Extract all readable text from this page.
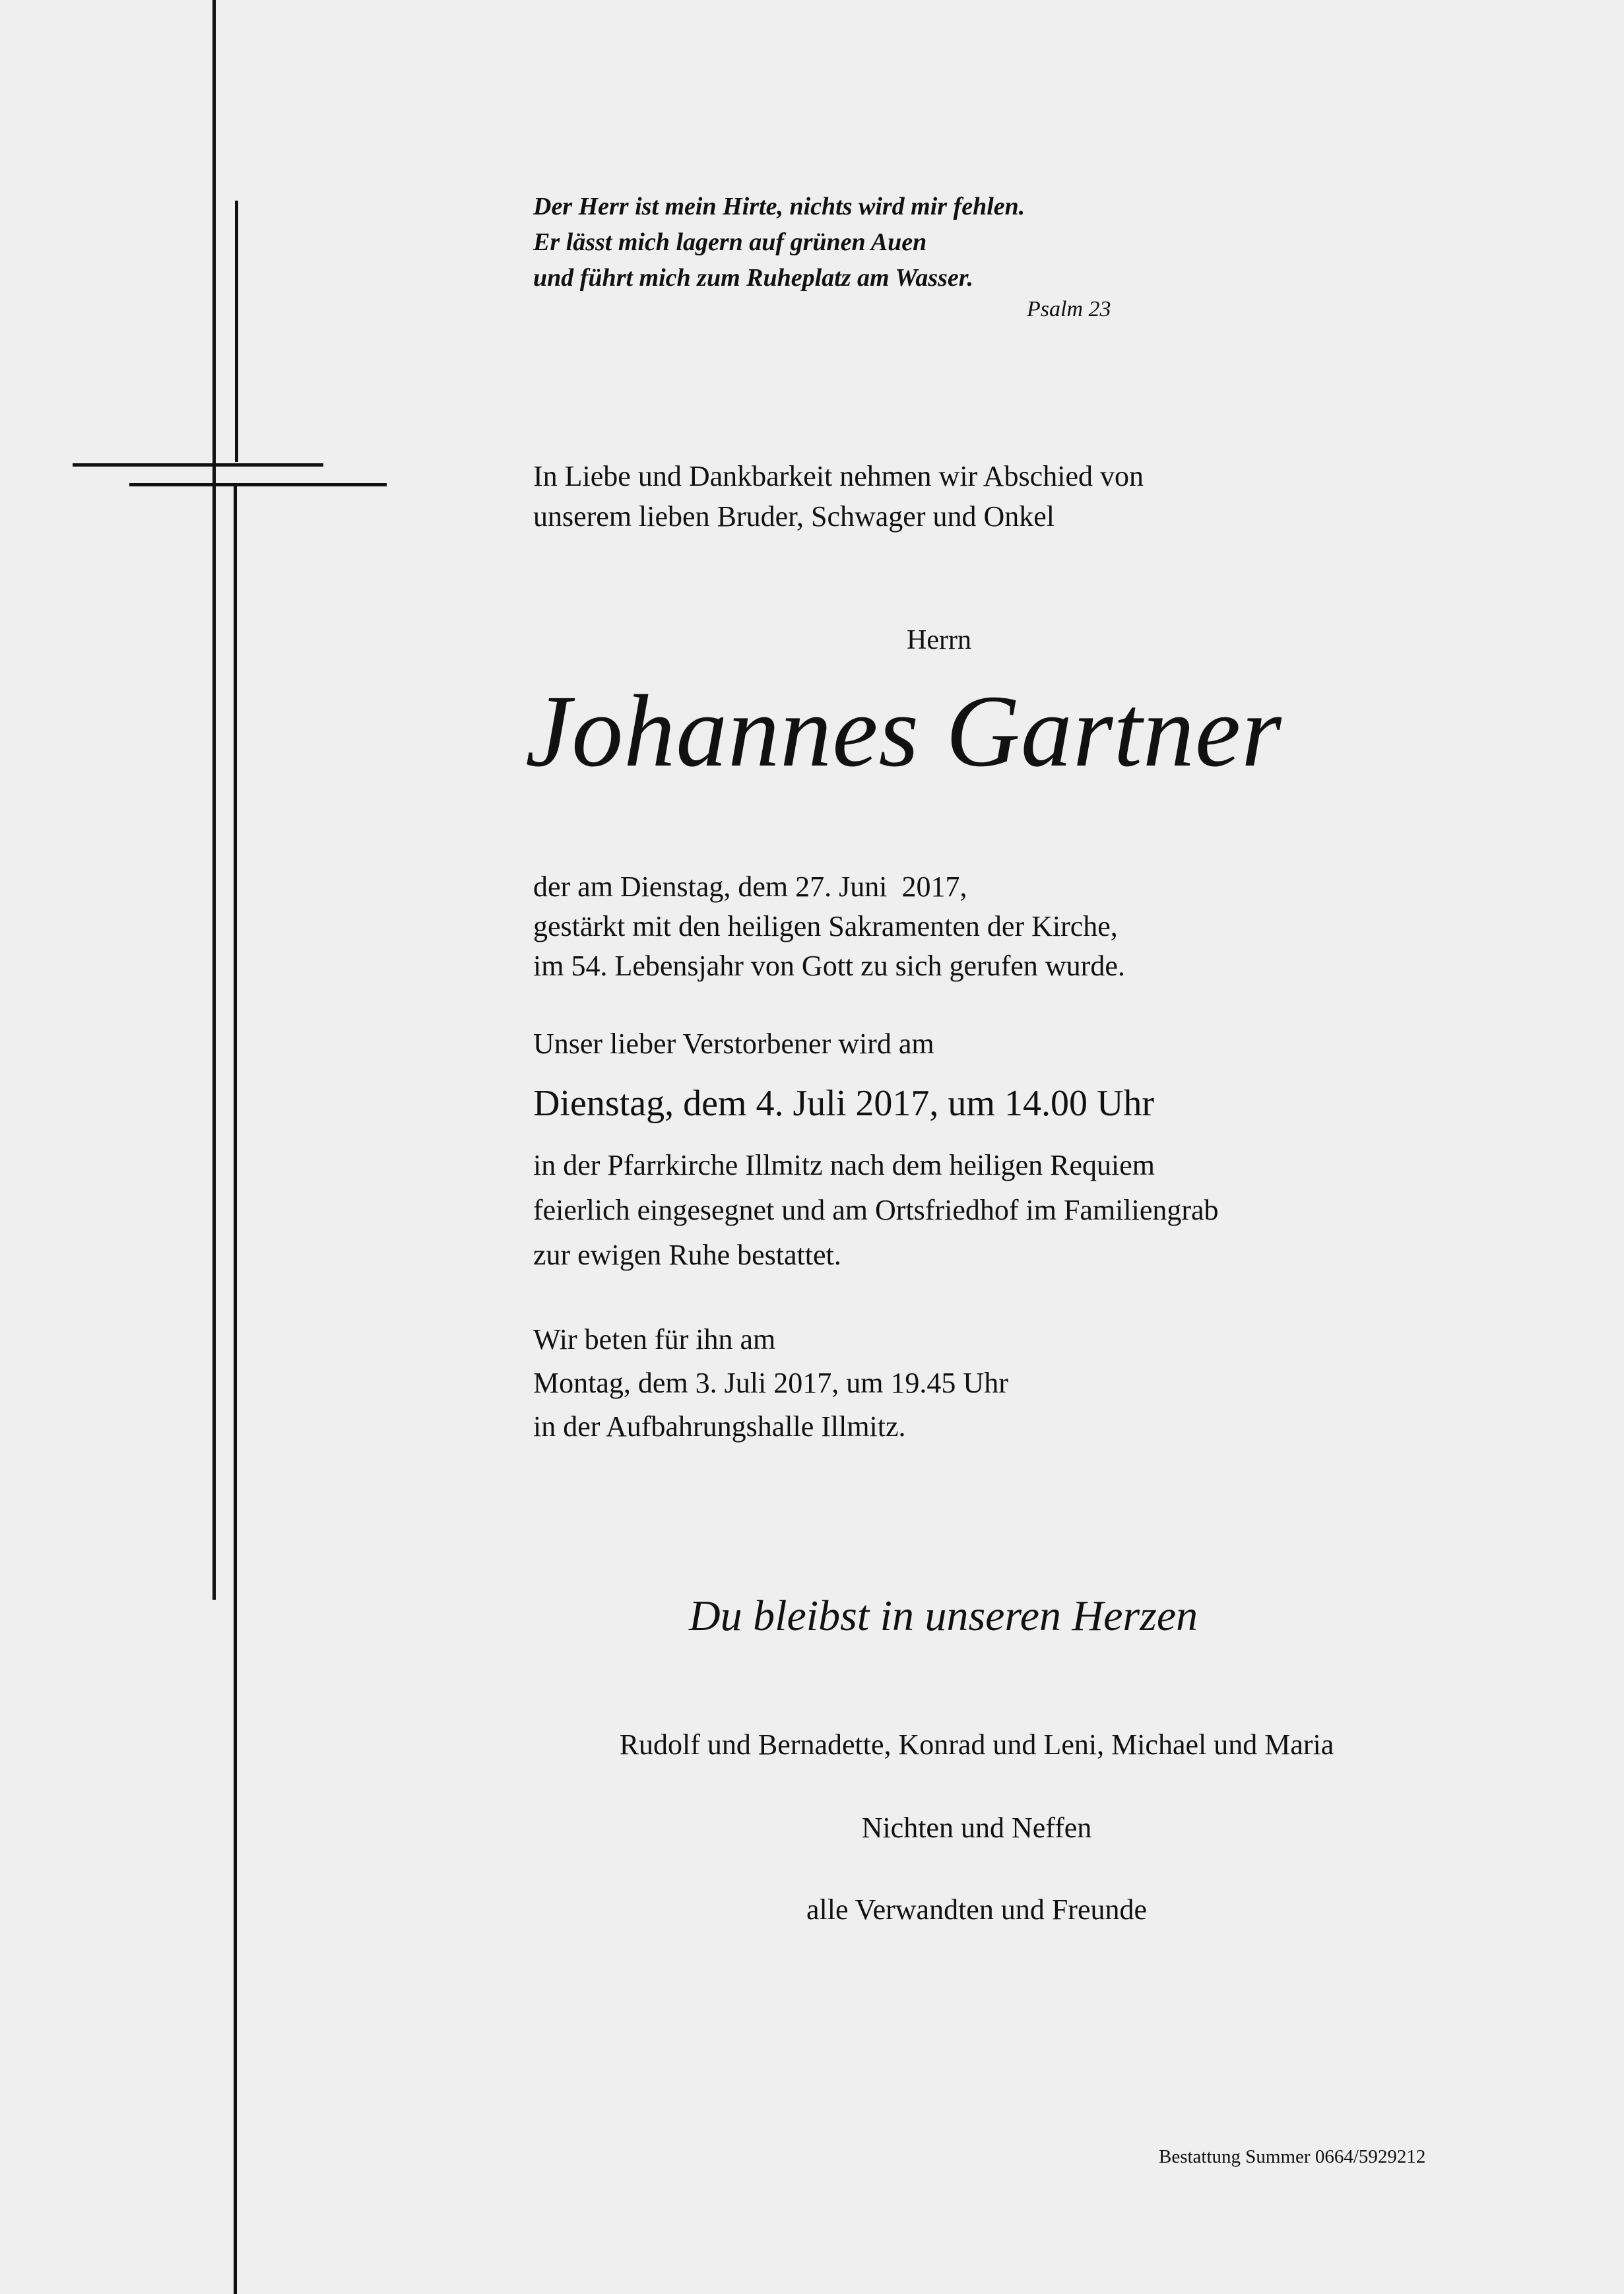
Der Herr ist mein Hirte, nichts wird mir fehlen.

Er lässt mich lagern auf grünen Auen

und führt mich zum Ruheplatz am Wasser.

Psalm 23

In Liebe und Dankbarkeit nehmen wir Abschied von

unserem lieben Bruder, Schwager und Onkel

Herrn

Johannes Gartner

der am Dienstag, dem 27. Juni  2017,

gestärkt mit den heiligen Sakramenten der Kirche,

im 54. Lebensjahr von Gott zu sich gerufen wurde.

Unser lieber Verstorbener wird am

Dienstag, dem 4. Juli 2017, um 14.00 Uhr

in der Pfarrkirche Illmitz nach dem heiligen Requiem

feierlich eingesegnet und am Ortsfriedhof im Familiengrab

zur ewigen Ruhe bestattet.

Wir beten für ihn am

Montag, dem 3. Juli 2017, um 19.45 Uhr

in der Aufbahrungshalle Illmitz.

Du bleibst in unseren Herzen

Rudolf und Bernadette, Konrad und Leni, Michael und Maria

Nichten und Neffen

alle Verwandten und Freunde

Bestattung Summer 0664/5929212
